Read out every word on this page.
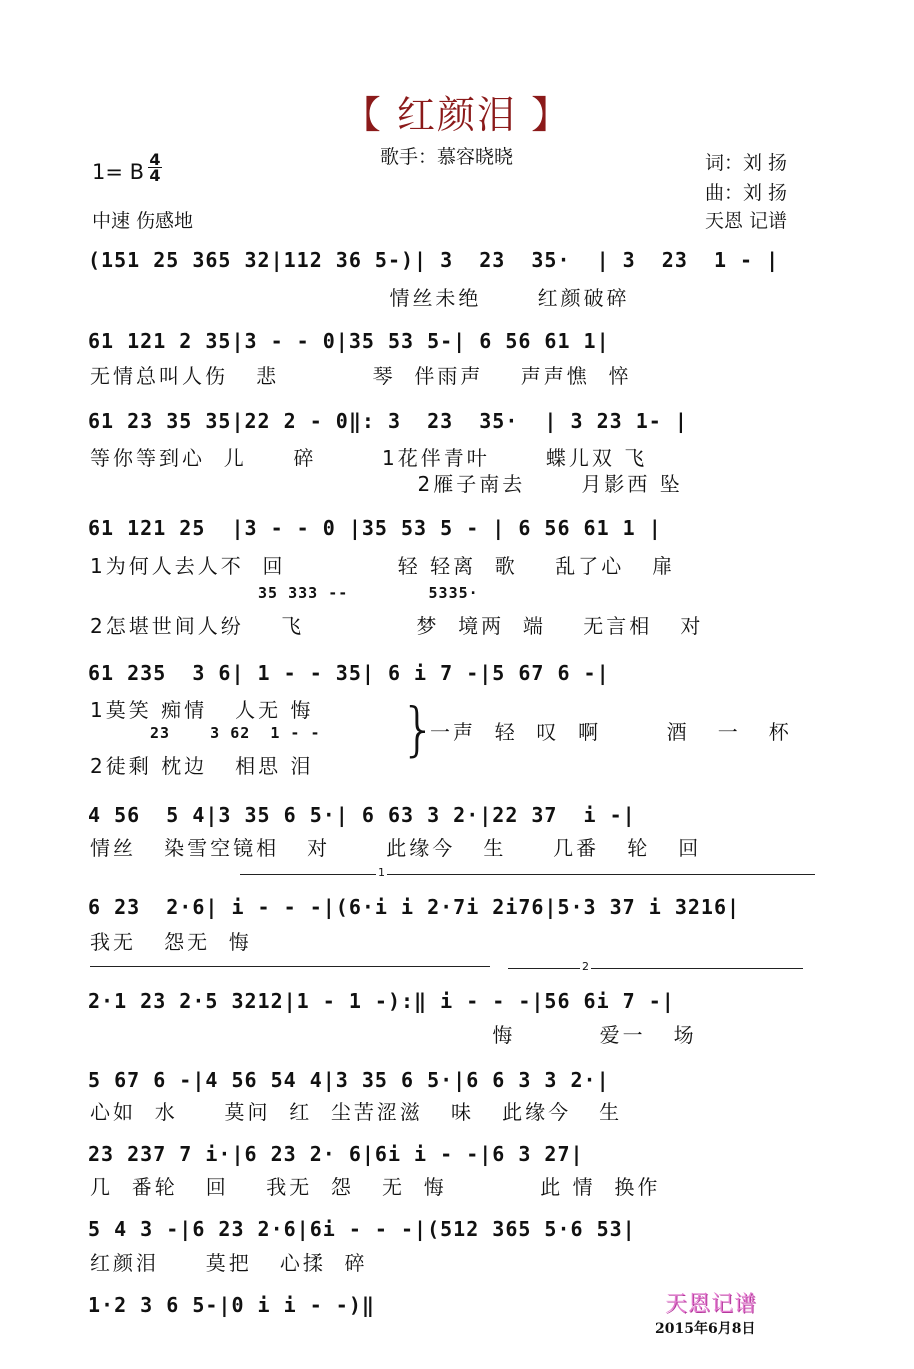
【 红颜泪 】
歌手：慕容晓晓
1= B
4
4
中速 伤感地
词：刘 扬
曲：刘 扬
天恩 记谱
(151 25 365 32|112 36 5-)| 3  23  35·  | 3  23  1 - |
情丝未绝      红颜破碎
61 121 2 35|3 - - 0|35 53 5-| 6 56 61 1|
无情总叫人伤   悲          琴  伴雨声    声声憔  悴
61 23 35 35|22 2 - 0‖: 3  23  35·  | 3 23 1- |
等你等到心  儿     碎       1花伴青叶      蝶儿双 飞
2雁子南去      月影西 坠
61 121 25  |3 - - 0 |35 53 5 - | 6 56 61 1 |
1为何人去人不  回            轻 轻离  歌    乱了心   扉
35 333 --        5335·
2怎堪世间人纷    飞            梦  境两  端    无言相   对
61 235  3 6| 1 - - 35| 6 i 7 -|5 67 6 -|
1莫笑 痴情   人无 悔
23    3 62  1 - -
2徒剩 枕边   相思 泪
}
一声  轻  叹  啊       酒   一   杯
4 56  5 4|3 35 6 5·| 6 63 3 2·|22 37  i -|
情丝   染雪空镜相   对      此缘今   生     几番   轮   回
1
6 23  2·6| i - - -|(6·i i 2·7i 2i76|5·3 37 i 3216|
我无   怨无  悔
2
2·1 23 2·5 3212|1 - 1 -):‖ i - - -|56 6i 7 -|
悔         爱一   场
5 67 6 -|4 56 54 4|3 35 6 5·|6 6 3 3 2·|
心如  水     莫问  红  尘苦涩滋   味   此缘今   生
23 237 7 i·|6 23 2· 6|6i i - -|6 3 27|
几  番轮   回    我无  怨   无  悔          此 情  换作
5 4 3 -|6 23 2·6|6i - - -|(512 365 5·6 53|
红颜泪     莫把   心揉  碎
1·2 3 6 5-|0 i i - -)‖	天恩记谱
2015年6月8日
